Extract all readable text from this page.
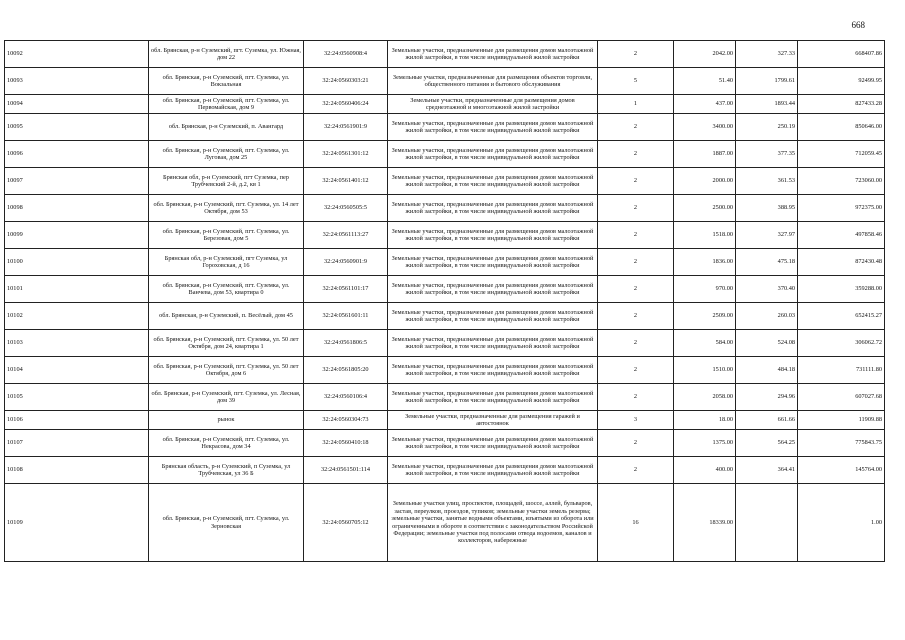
668
10092	обл. Брянская, р-н Суземский, пгт. Суземка, ул. Южная, дом 22	32:24:0560908:4	Земельные участки, предназначенные для размещения домов малоэтажной жилой застройки, в том числе индивидуальной жилой застройки	2	2042.00	327.33	668407.86
10093	обл. Брянская, р-н Суземский, пгт. Суземка, ул. Вокзальная	32:24:0560303:21	Земельные участки, предназначенные для размещения объектов торговли, общественного питания и бытового обслуживания	5	51.40	1799.61	92499.95
10094	обл. Брянская, р-н Суземский, пгт. Суземка, ул. Первомайская, дом 9	32:24:0560406:24	Земельные участки, предназначенные для размещения домов среднеэтажной и многоэтажной жилой застройки	1	437.00	1893.44	827433.28
10095	обл. Брянская, р-н Суземский, п. Авангард	32:24:0561901:9	Земельные участки, предназначенные для размещения домов малоэтажной жилой застройки, в том числе индивидуальной жилой застройки	2	3400.00	250.19	850646.00
10096	обл. Брянская, р-н Суземский, пгт. Суземка, ул. Луговая, дом 25	32:24:0561301:12	Земельные участки, предназначенные для размещения домов малоэтажной жилой застройки, в том числе индивидуальной жилой застройки	2	1887.00	377.35	712059.45
10097	Брянская обл, р-н Суземский, пгт Суземка, пер Трубчевский 2-й, д.2, кв 1	32:24:0561401:12	Земельные участки, предназначенные для размещения домов малоэтажной жилой застройки, в том числе индивидуальной жилой застройки	2	2000.00	361.53	723060.00
10098	обл. Брянская, р-н Суземский, пгт. Суземка, ул. 14 лет Октября, дом 53	32:24:0560505:5	Земельные участки, предназначенные для размещения домов малоэтажной жилой застройки, в том числе индивидуальной жилой застройки	2	2500.00	388.95	972375.00
10099	обл. Брянская, р-н Суземский, пгт. Суземка, ул. Березовая, дом 5	32:24:0561113:27	Земельные участки, предназначенные для размещения домов малоэтажной жилой застройки, в том числе индивидуальной жилой застройки	2	1518.00	327.97	497858.46
10100	Брянская обл, р-н Суземский, пгт Суземка, ул Гороховская, д 16	32:24:0560901:9	Земельные участки, предназначенные для размещения домов малоэтажной жилой застройки, в том числе индивидуальной жилой застройки	2	1836.00	475.18	872430.48
10101	обл. Брянская, р-н Суземский, пгт. Суземка, ул. Ванчева, дом 53, квартира 0	32:24:0561101:17	Земельные участки, предназначенные для размещения домов малоэтажной жилой застройки, в том числе индивидуальной жилой застройки	2	970.00	370.40	359288.00
10102	обл. Брянская, р-н Суземский, п. Весёлый, дом 45	32:24:0561601:11	Земельные участки, предназначенные для размещения домов малоэтажной жилой застройки, в том числе индивидуальной жилой застройки	2	2509.00	260.03	652415.27
10103	обл. Брянская, р-н Суземский, пгт. Суземка, ул. 50 лет Октября, дом 24, квартира 1	32:24:0561806:5	Земельные участки, предназначенные для размещения домов малоэтажной жилой застройки, в том числе индивидуальной жилой застройки	2	584.00	524.08	306062.72
10104	обл. Брянская, р-н Суземский, пгт. Суземка, ул. 50 лет Октября, дом 6	32:24:0561805:20	Земельные участки, предназначенные для размещения домов малоэтажной жилой застройки, в том числе индивидуальной жилой застройки	2	1510.00	484.18	731111.80
10105	обл. Брянская, р-н Суземский, пгт. Суземка, ул. Лесная, дом 39	32:24:0560106:4	Земельные участки, предназначенные для размещения домов малоэтажной жилой застройки, в том числе индивидуальной жилой застройки	2	2058.00	294.96	607027.68
10106	рынок	32:24:0560304:73	Земельные участки, предназначенные для размещения гаражей и автостоянок	3	18.00	661.66	11909.88
10107	обл. Брянская, р-н Суземский, пгт. Суземка, ул. Некрасова, дом 34	32:24:0560410:18	Земельные участки, предназначенные для размещения домов малоэтажной жилой застройки, в том числе индивидуальной жилой застройки	2	1375.00	564.25	775843.75
10108	Брянская область, р-н Суземский, п Суземка, ул Трубчевская, ул 36 Б	32:24:0561501:114	Земельные участки, предназначенные для размещения домов малоэтажной жилой застройки, в том числе индивидуальной жилой застройки	2	400.00	364.41	145764.00
10109	обл. Брянская, р-н Суземский, пгт. Суземка, ул. Зерновская	32:24:0560705:12	Земельные участки улиц, проспектов, площадей, шоссе, аллей, бульваров, застав, переулков, проездов, тупиков; земельные участки земель резерва; земельные участки, занятые водными объектами, изъятыми из оборота или ограниченными в обороте в соответствии с законодательством Российской Федерации; земельные участки под полосами отвода водоемов, каналов и коллекторов, набережные	16	18339.00		1.00
